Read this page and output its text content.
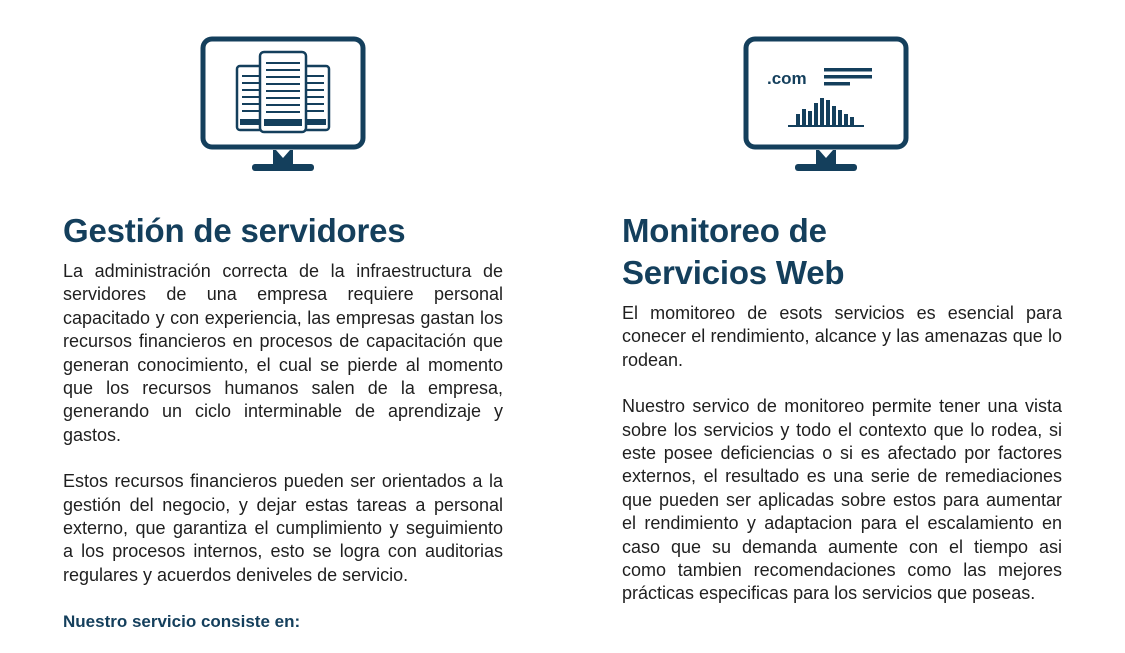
Gestión de servidores

La administración correcta de la infraestructura de servidores de una empresa requiere personal capacitado y con experiencia, las empresas gastan los recursos financieros en procesos de capacitación que generan conocimiento, el cual se pierde al momento que los recursos humanos salen de la empresa, generando un ciclo interminable de aprendizaje y gastos.

Estos recursos financieros pueden ser orientados a la gestión del negocio, y dejar estas tareas a personal externo, que garantiza el cumplimiento y seguimiento a los procesos internos, esto se logra con auditorias regulares y acuerdos deniveles de servicio.

Nuestro servicio consiste en:
.com
Monitoreo de
Servicios Web

El momitoreo de esots servicios es esencial para conecer el rendimiento, alcance y las amenazas que lo rodean.

Nuestro servico de monitoreo permite tener una vista sobre los servicios y todo el contexto que lo rodea, si este posee deficiencias o si es afectado por factores externos, el resultado es una serie de remediaciones que pueden ser aplicadas sobre estos para aumentar el rendimiento y adaptacion para el escalamiento en caso que su demanda aumente con el tiempo asi como tambien recomendaciones como las mejores prácticas especificas para los servicios que poseas.
